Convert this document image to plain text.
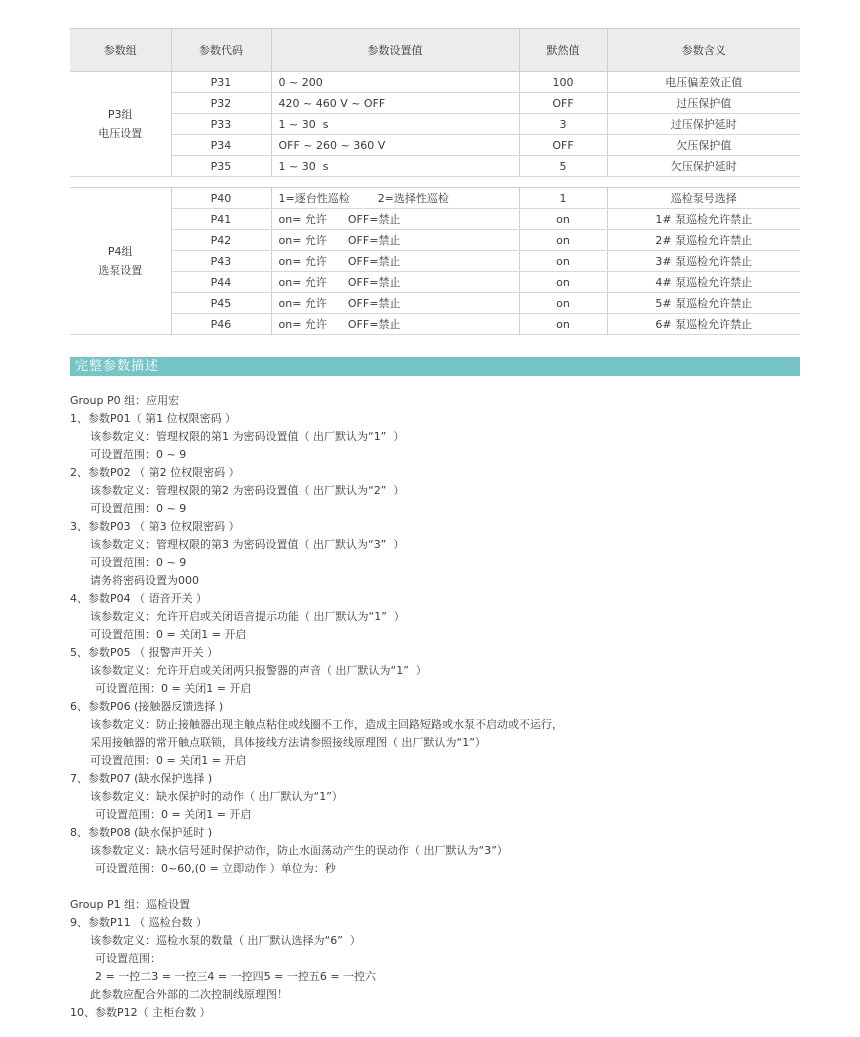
参数组	参数代码	参数设置值	默然值	参数含义

P3组
电压设置	P31	0 ~ 200	100	电压偏差效正值
	P32	420 ~ 460 V ~ OFF	OFF	过压保护值
	P33	1 ~ 30  s	3	过压保护延时
	P34	OFF ~ 260 ~ 360 V	OFF	欠压保护值
	P35	1 ~ 30  s	5	欠压保护延时

P4组
选泵设置	P40	1=逐台性巡检        2=选择性巡检	1	巡检泵号选择
	P41	on= 允许      OFF=禁止	on	1# 泵巡检允许禁止
	P42	on= 允许      OFF=禁止	on	2# 泵巡检允许禁止
	P43	on= 允许      OFF=禁止	on	3# 泵巡检允许禁止
	P44	on= 允许      OFF=禁止	on	4# 泵巡检允许禁止
	P45	on= 允许      OFF=禁止	on	5# 泵巡检允许禁止
	P46	on= 允许      OFF=禁止	on	6# 泵巡检允许禁止
完整参数描述
Group P0 组：应用宏
1、参数P01（ 第1 位权限密码 ）
该参数定义：管理权限的第1 为密码设置值（ 出厂默认为“1”  ）
可设置范围：0 ~ 9
2、参数P02 （ 第2 位权限密码 ）
该参数定义：管理权限的第2 为密码设置值（ 出厂默认为“2”  ）
可设置范围：0 ~ 9
3、参数P03 （ 第3 位权限密码 ）
该参数定义：管理权限的第3 为密码设置值（ 出厂默认为“3”  ）
可设置范围：0 ~ 9
请务将密码设置为000
4、参数P04 （ 语音开关 ）
该参数定义：允许开启或关闭语音提示功能（ 出厂默认为“1”  ）
可设置范围：0 = 关闭1 = 开启
5、参数P05 （ 报警声开关 ）
该参数定义：允许开启或关闭两只报警器的声音（ 出厂默认为“1”  ）
可设置范围：0 = 关闭1 = 开启
6、参数P06 (接触器反馈选择 )
该参数定义：防止接触器出现主触点粘住或线圈不工作，造成主回路短路或水泵不启动或不运行，
采用接触器的常开触点联锁，具体接线方法请参照接线原理图（ 出厂默认为“1”）
可设置范围：0 = 关闭1 = 开启
7、参数P07 (缺水保护选择 )
该参数定义：缺水保护时的动作（ 出厂默认为“1”）
可设置范围：0 = 关闭1 = 开启
8、参数P08 (缺水保护延时 )
该参数定义：缺水信号延时保护动作，防止水面荡动产生的误动作（ 出厂默认为“3”）
可设置范围：0~60,(0 = 立即动作 ）单位为：秒
Group P1 组：巡检设置
9、参数P11 （ 巡检台数 ）
该参数定义：巡检水泵的数量（ 出厂默认选择为“6”  ）
可设置范围：
2 = 一控二3 = 一控三4 = 一控四5 = 一控五6 = 一控六
此参数应配合外部的二次控制线原理图！
10、参数P12（ 主柜台数 ）
